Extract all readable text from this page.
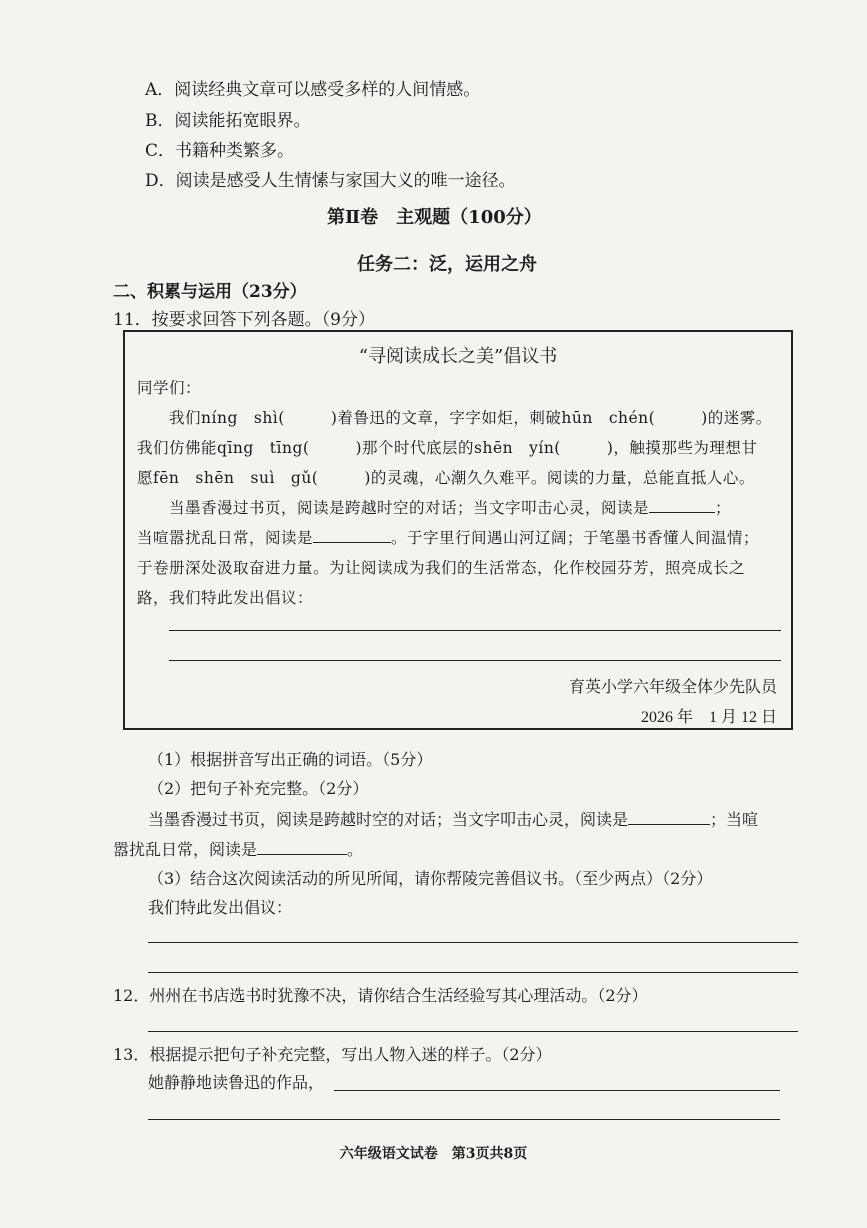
A．阅读经典文章可以感受多样的人间情感。
B．阅读能拓宽眼界。
C．书籍种类繁多。
D．阅读是感受人生情愫与家国大义的唯一途径。
第Ⅱ卷　主观题（100分）
任务二：泛，运用之舟
二、积累与运用（23分）
11．按要求回答下列各题。（9分）
“寻阅读成长之美”倡议书
同学们：
我们níng　shì(	)着鲁迅的文章，字字如炬，刺破hūn　chén(	)的迷雾。
我们仿佛能qīng　tīng(	)那个时代底层的shēn　yín(	)，触摸那些为理想甘
愿fēn　shēn　suì　gǔ(	)的灵魂，心潮久久难平。阅读的力量，总能直抵人心。
当墨香漫过书页，阅读是跨越时空的对话；当文字叩击心灵，阅读是	；
当喧嚣扰乱日常，阅读是	。于字里行间遇山河辽阔；于笔墨书香懂人间温情；
于卷册深处汲取奋进力量。为让阅读成为我们的生活常态，化作校园芬芳，照亮成长之
路，我们特此发出倡议：
育英小学六年级全体少先队员
2026 年　1 月 12 日
（1）根据拼音写出正确的词语。（5分）
（2）把句子补充完整。（2分）
当墨香漫过书页，阅读是跨越时空的对话；当文字叩击心灵，阅读是	；当喧
嚣扰乱日常，阅读是	。
（3）结合这次阅读活动的所见所闻，请你帮陵完善倡议书。（至少两点）（2分）
我们特此发出倡议：
12．州州在书店选书时犹豫不决，请你结合生活经验写其心理活动。（2分）
13．根据提示把句子补充完整，写出人物入迷的样子。（2分）
她静静地读鲁迅的作品，
六年级语文试卷　第3页共8页
